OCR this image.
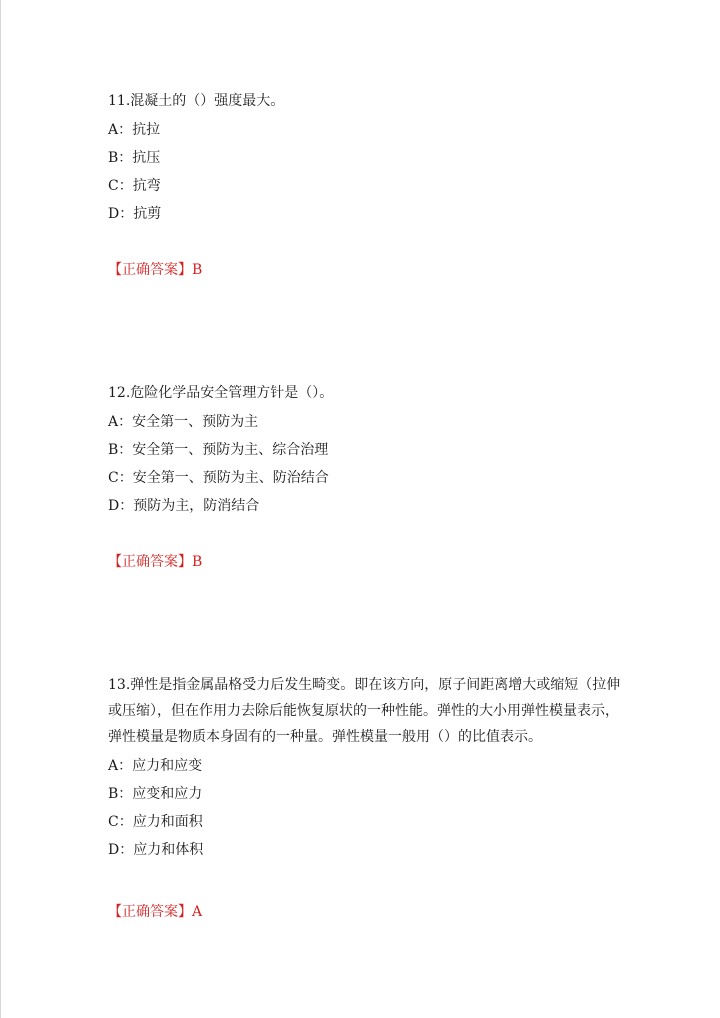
11.混凝土的（）强度最大。

A：抗拉
B：抗压
C：抗弯
D：抗剪
【正确答案】B

12.危险化学品安全管理方针是（）。

A：安全第一、预防为主
B：安全第一、预防为主、综合治理
C：安全第一、预防为主、防治结合
D：预防为主，防消结合
【正确答案】B

13.弹性是指金属晶格受力后发生畸变。即在该方向，原子间距离增大或缩短（拉伸或压缩），但在作用力去除后能恢复原状的一种性能。弹性的大小用弹性模量表示，弹性模量是物质本身固有的一种量。弹性模量一般用（）的比值表示。

A：应力和应变
B：应变和应力
C：应力和面积
D：应力和体积
【正确答案】A
